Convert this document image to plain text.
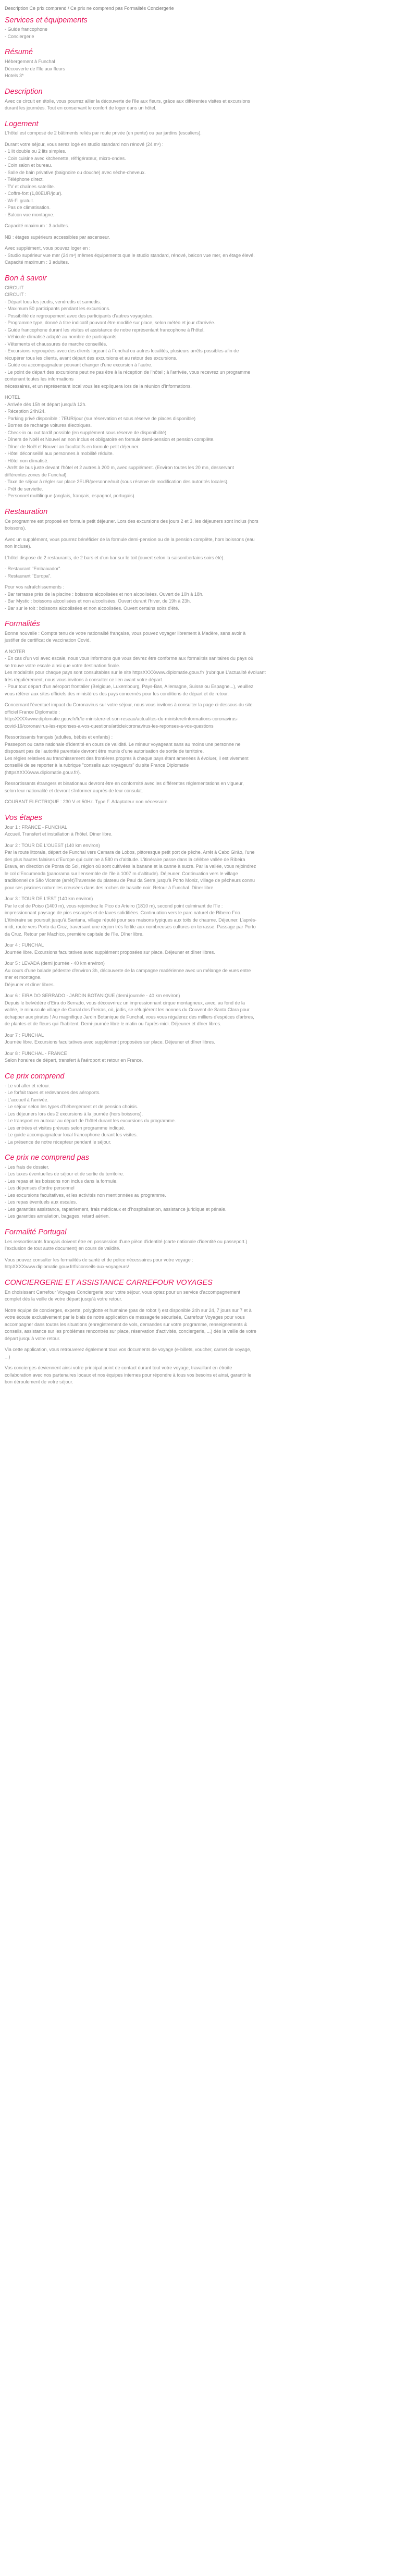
Description Ce prix comprend / Ce prix ne comprend pas Formalités Conciergerie
Services et équipements
- Guide francophone
- Conciergerie
Résumé
Hébergement à Funchal
Découverte de l'île aux fleurs
Hotels 3*
Description
Avec ce circuit en étoile, vous pourrez allier la découverte de l'île aux fleurs, grâce aux différentes visites et excursions
durant les journées. Tout en conservant le confort de loger dans un hôtel.
Logement
L'hôtel est composé de 2 bâtiments reliés par route privée (en pente) ou par jardins (escaliers).
Durant votre séjour, vous serez logé en studio standard non rénové (24 m²) :
- 1 lit double ou 2 lits simples.
- Coin cuisine avec kitchenette, réfrigérateur, micro-ondes.
- Coin salon et bureau.
- Salle de bain privative (baignoire ou douche) avec sèche-cheveux.
- Téléphone direct.
- TV et chaînes satellite.
- Coffre-fort (1,80EUR/jour).
- Wi-Fi gratuit.
- Pas de climatisation.
- Balcon vue montagne.
Capacité maximum : 3 adultes.
NB : étages supérieurs accessibles par ascenseur.
Avec supplément, vous pouvez loger en :
- Studio supérieur vue mer (24 m²) mêmes équipements que le studio standard, rénové, balcon vue mer, en étage élevé.
Capacité maximum : 3 adultes.
Bon à savoir
CIRCUIT
CIRCUIT :
- Départ tous les jeudis, vendredis et samedis.
- Maximum 50 participants pendant les excursions.
- Possibilité de regroupement avec des participants d'autres voyagistes.
- Programme type, donné à titre indicatif pouvant être modifié sur place, selon météo et jour d'arrivée.
- Guide francophone durant les visites et assistance de notre représentant francophone à l'hôtel.
- Véhicule climatisé adapté au nombre de participants.
- Vêtements et chaussures de marche conseillés.
- Excursions regroupées avec des clients logeant à Funchal ou autres localités, plusieurs arrêts possibles afin de
récupérer tous les clients, avant départ des excursions et au retour des excursions.
- Guide ou accompagnateur pouvant changer d'une excursion à l'autre.
- Le point de départ des excursions peut ne pas être à la réception de l'hôtel ; à l'arrivée, vous recevrez un programme
contenant toutes les informations
nécessaires, et un représentant local vous les expliquera lors de la réunion d'informations.
HOTEL
- Arrivée dès 15h et départ jusqu'à 12h.
- Réception 24h/24.
- Parking privé disponible : 7EUR/jour (sur réservation et sous réserve de places disponible)
- Bornes de recharge voitures électriques.
- Check-in ou out tardif possible (en supplément sous réserve de disponibilité)
- Dîners de Noël et Nouvel an non inclus et obligatoire en formule demi-pension et pension complète.
- Dîner de Noël et Nouvel an facultatifs en formule petit déjeuner.
- Hôtel déconseillé aux personnes à mobilité réduite.
- Hôtel non climatisé.
- Arrêt de bus juste devant l'hôtel et 2 autres à 200 m, avec supplément. (Environ toutes les 20 mn, desservant
différentes zones de Funchal).
- Taxe de séjour à régler sur place 2EUR/personne/nuit (sous réserve de modification des autorités locales).
- Prêt de serviette.
- Personnel multilingue (anglais, français, espagnol, portugais).
Restauration
Ce programme est proposé en formule petit déjeuner. Lors des excursions des jours 2 et 3, les déjeuners sont inclus (hors
boissons).
Avec un supplément, vous pourrez bénéficier de la formule demi-pension ou de la pension complète, hors boissons (eau
non incluse).
L'hôtel dispose de 2 restaurants, de 2 bars et d'un bar sur le toit (ouvert selon la saison/certains soirs été).
- Restaurant "Embaixador".
- Restaurant "Europa".
Pour vos rafraîchissements :
- Bar terrasse près de la piscine : boissons alcoolisées et non alcoolisées. Ouvert de 10h à 18h.
- Bar Mystic : boissons alcoolisées et non alcoolisées. Ouvert durant l'hiver, de 19h à 23h.
- Bar sur le toit : boissons alcoolisées et non alcoolisées. Ouvert certains soirs d'été.
Formalités
Bonne nouvelle : Compte tenu de votre nationalité française, vous pouvez voyager librement à Madère, sans avoir à
justifier de certificat de vaccination Covid.
A NOTER
- En cas d'un vol avec escale, nous vous informons que vous devrez être conforme aux formalités sanitaires du pays où
se trouve votre escale ainsi que votre destination finale.
Les modalités pour chaque pays sont consultables sur le site httpsXXXXwww.diplomatie.gouv.fr/ (rubrique L'actualité évoluant
très régulièrement, nous vous invitons à consulter ce lien avant votre départ.
- Pour tout départ d'un aéroport frontalier (Belgique, Luxembourg, Pays-Bas, Allemagne, Suisse ou Espagne...), veuillez
vous référer aux sites officiels des ministères des pays concernés pour les conditions de départ et de retour.
Concernant l'éventuel impact du Coronavirus sur votre séjour, nous vous invitons à consulter la page ci-dessous du site
officiel France Diplomatie :
httpsXXXXwww.diplomatie.gouv.fr/fr/le-ministere-et-son-reseau/actualites-du-ministere/informations-coronavirus-
covid-19/coronavirus-les-reponses-a-vos-questions/article/coronavirus-les-reponses-a-vos-questions
Ressortissants français (adultes, bébés et enfants) :
Passeport ou carte nationale d'identité en cours de validité. Le mineur voyageant sans au moins une personne ne
disposant pas de l'autorité parentale devront être munis d'une autorisation de sortie de territoire.
Les règles relatives au franchissement des frontières propres à chaque pays étant amenées à évoluer, il est vivement
conseillé de se reporter à la rubrique "conseils aux voyageurs" du site France Diplomatie
(httpsXXXXwww.diplomatie.gouv.fr/).
Ressortissants étrangers et binationaux devront être en conformité avec les différentes réglementations en vigueur,
selon leur nationalité et devront s'informer auprès de leur consulat.
COURANT ELECTRIQUE : 230 V et 50Hz. Type F. Adaptateur non nécessaire.
Vos étapes
Jour 1 : FRANCE - FUNCHAL
Accueil. Transfert et installation à l'hôtel. Dîner libre.
Jour 2 : TOUR DE L'OUEST (140 km environ)
Par la route littorale, départ de Funchal vers Camara de Lobos, pittoresque petit port de pêche. Arrêt à Cabo Girão, l'une
des plus hautes falaises d'Europe qui culmine à 580 m d'altitude. L'itinéraire passe dans la célèbre vallée de Ribeira
Brava, en direction de Ponta do Sol, région où sont cultivées la banane et la canne à sucre. Par la vallée, vous rejoindrez
le col d'Encumeada (panorama sur l'ensemble de l'île à 1007 m d'altitude). Déjeuner. Continuation vers le village
traditionnel de São Vicente (arrêt)Traversée du plateau de Paul da Serra jusqu'à Porto Moniz, village de pêcheurs connu
pour ses piscines naturelles creusées dans des roches de basalte noir. Retour à Funchal. Dîner libre.
Jour 3 : TOUR DE L'EST (140 km environ)
Par le col de Poiso (1400 m), vous rejoindrez le Pico do Arieiro (1810 m), second point culminant de l'île :
impressionnant paysage de pics escarpés et de laves solidifiées. Continuation vers le parc naturel de Ribeiro Frio.
L'itinéraire se poursuit jusqu'à Santana, village réputé pour ses maisons typiques aux toits de chaume. Déjeuner. L'après-
midi, route vers Porto da Cruz, traversant une région très fertile aux nombreuses cultures en terrasse. Passage par Porto
da Cruz. Retour par Machico, première capitale de l'île. Dîner libre.
Jour 4 : FUNCHAL
Journée libre. Excursions facultatives avec supplément proposées sur place. Déjeuner et dîner libres.
Jour 5 : LEVADA (demi journée - 40 km environ)
Au cours d'une balade pédestre d'environ 3h, découverte de la campagne madérienne avec un mélange de vues entre
mer et montagne.
Déjeuner et dîner libres.
Jour 6 : EIRA DO SERRADO - JARDIN BOTANIQUE (demi journée - 40 km environ)
Depuis le belvédère d'Eira do Serrado, vous découvrirez un impressionnant cirque montagneux, avec, au fond de la
vallée, le minuscule village de Curral dos Freiras, où, jadis, se réfugièrent les nonnes du Couvent de Santa Clara pour
échapper aux pirates ! Au magnifique Jardin Botanique de Funchal, vous vous régalerez des milliers d'espèces d'arbres,
de plantes et de fleurs qui l'habitent. Demi-journée libre le matin ou l'après-midi. Déjeuner et dîner libres.
Jour 7 : FUNCHAL
Journée libre. Excursions facultatives avec supplément proposées sur place. Déjeuner et dîner libres.
Jour 8 : FUNCHAL - FRANCE
Selon horaires de départ, transfert à l'aéroport et retour en France.
Ce prix comprend
- Le vol aller et retour.
- Le forfait taxes et redevances des aéroports.
- L'accueil à l'arrivée.
- Le séjour selon les types d'hébergement et de pension choisis.
- Les déjeuners lors des 2 excursions à la journée (hors boissons).
- Le transport en autocar au départ de l'hôtel durant les excursions du programme.
- Les entrées et visites prévues selon programme indiqué.
- Le guide accompagnateur local francophone durant les visites.
- La présence de notre récepteur pendant le séjour.
Ce prix ne comprend pas
- Les frais de dossier.
- Les taxes éventuelles de séjour et de sortie du territoire.
- Les repas et les boissons non inclus dans la formule.
- Les dépenses d'ordre personnel
- Les excursions facultatives, et les activités non mentionnées au programme.
- Les repas éventuels aux escales.
- Les garanties assistance, rapatriement, frais médicaux et d'hospitalisation, assistance juridique et pénale.
- Les garanties annulation, bagages, retard aérien.
Formalité Portugal
Les ressortissants français doivent être en possession d'une pièce d'identité (carte nationale d'identité ou passeport.)
l'exclusion de tout autre document) en cours de validité.
Vous pouvez consulter les formalités de santé et de police nécessaires pour votre voyage :
httpXXXXwww.diplomatie.gouv.fr/fr/conseils-aux-voyageurs/
CONCIERGERIE ET ASSISTANCE CARREFOUR VOYAGES
En choisissant Carrefour Voyages Conciergerie pour votre séjour, vous optez pour un service d'accompagnement
complet dès la veille de votre départ jusqu'à votre retour.
Notre équipe de concierges, experte, polyglotte et humaine (pas de robot !) est disponible 24h sur 24, 7 jours sur 7 et à
votre écoute exclusivement par le biais de notre application de messagerie sécurisée, Carrefour Voyages pour vous
accompagner dans toutes les situations (enregistrement de vols, demandes sur votre programme, renseignements &
conseils, assistance sur les problèmes rencontrés sur place, réservation d'activités, conciergerie, ...) dès la veille de votre
départ jusqu'à votre retour.
Via cette application, vous retrouverez également tous vos documents de voyage (e-billets, voucher, carnet de voyage,
...)
Vos concierges deviennent ainsi votre principal point de contact durant tout votre voyage, travaillant en étroite
collaboration avec nos partenaires locaux et nos équipes internes pour répondre à tous vos besoins et ainsi, garantir le
bon déroulement de votre séjour.
